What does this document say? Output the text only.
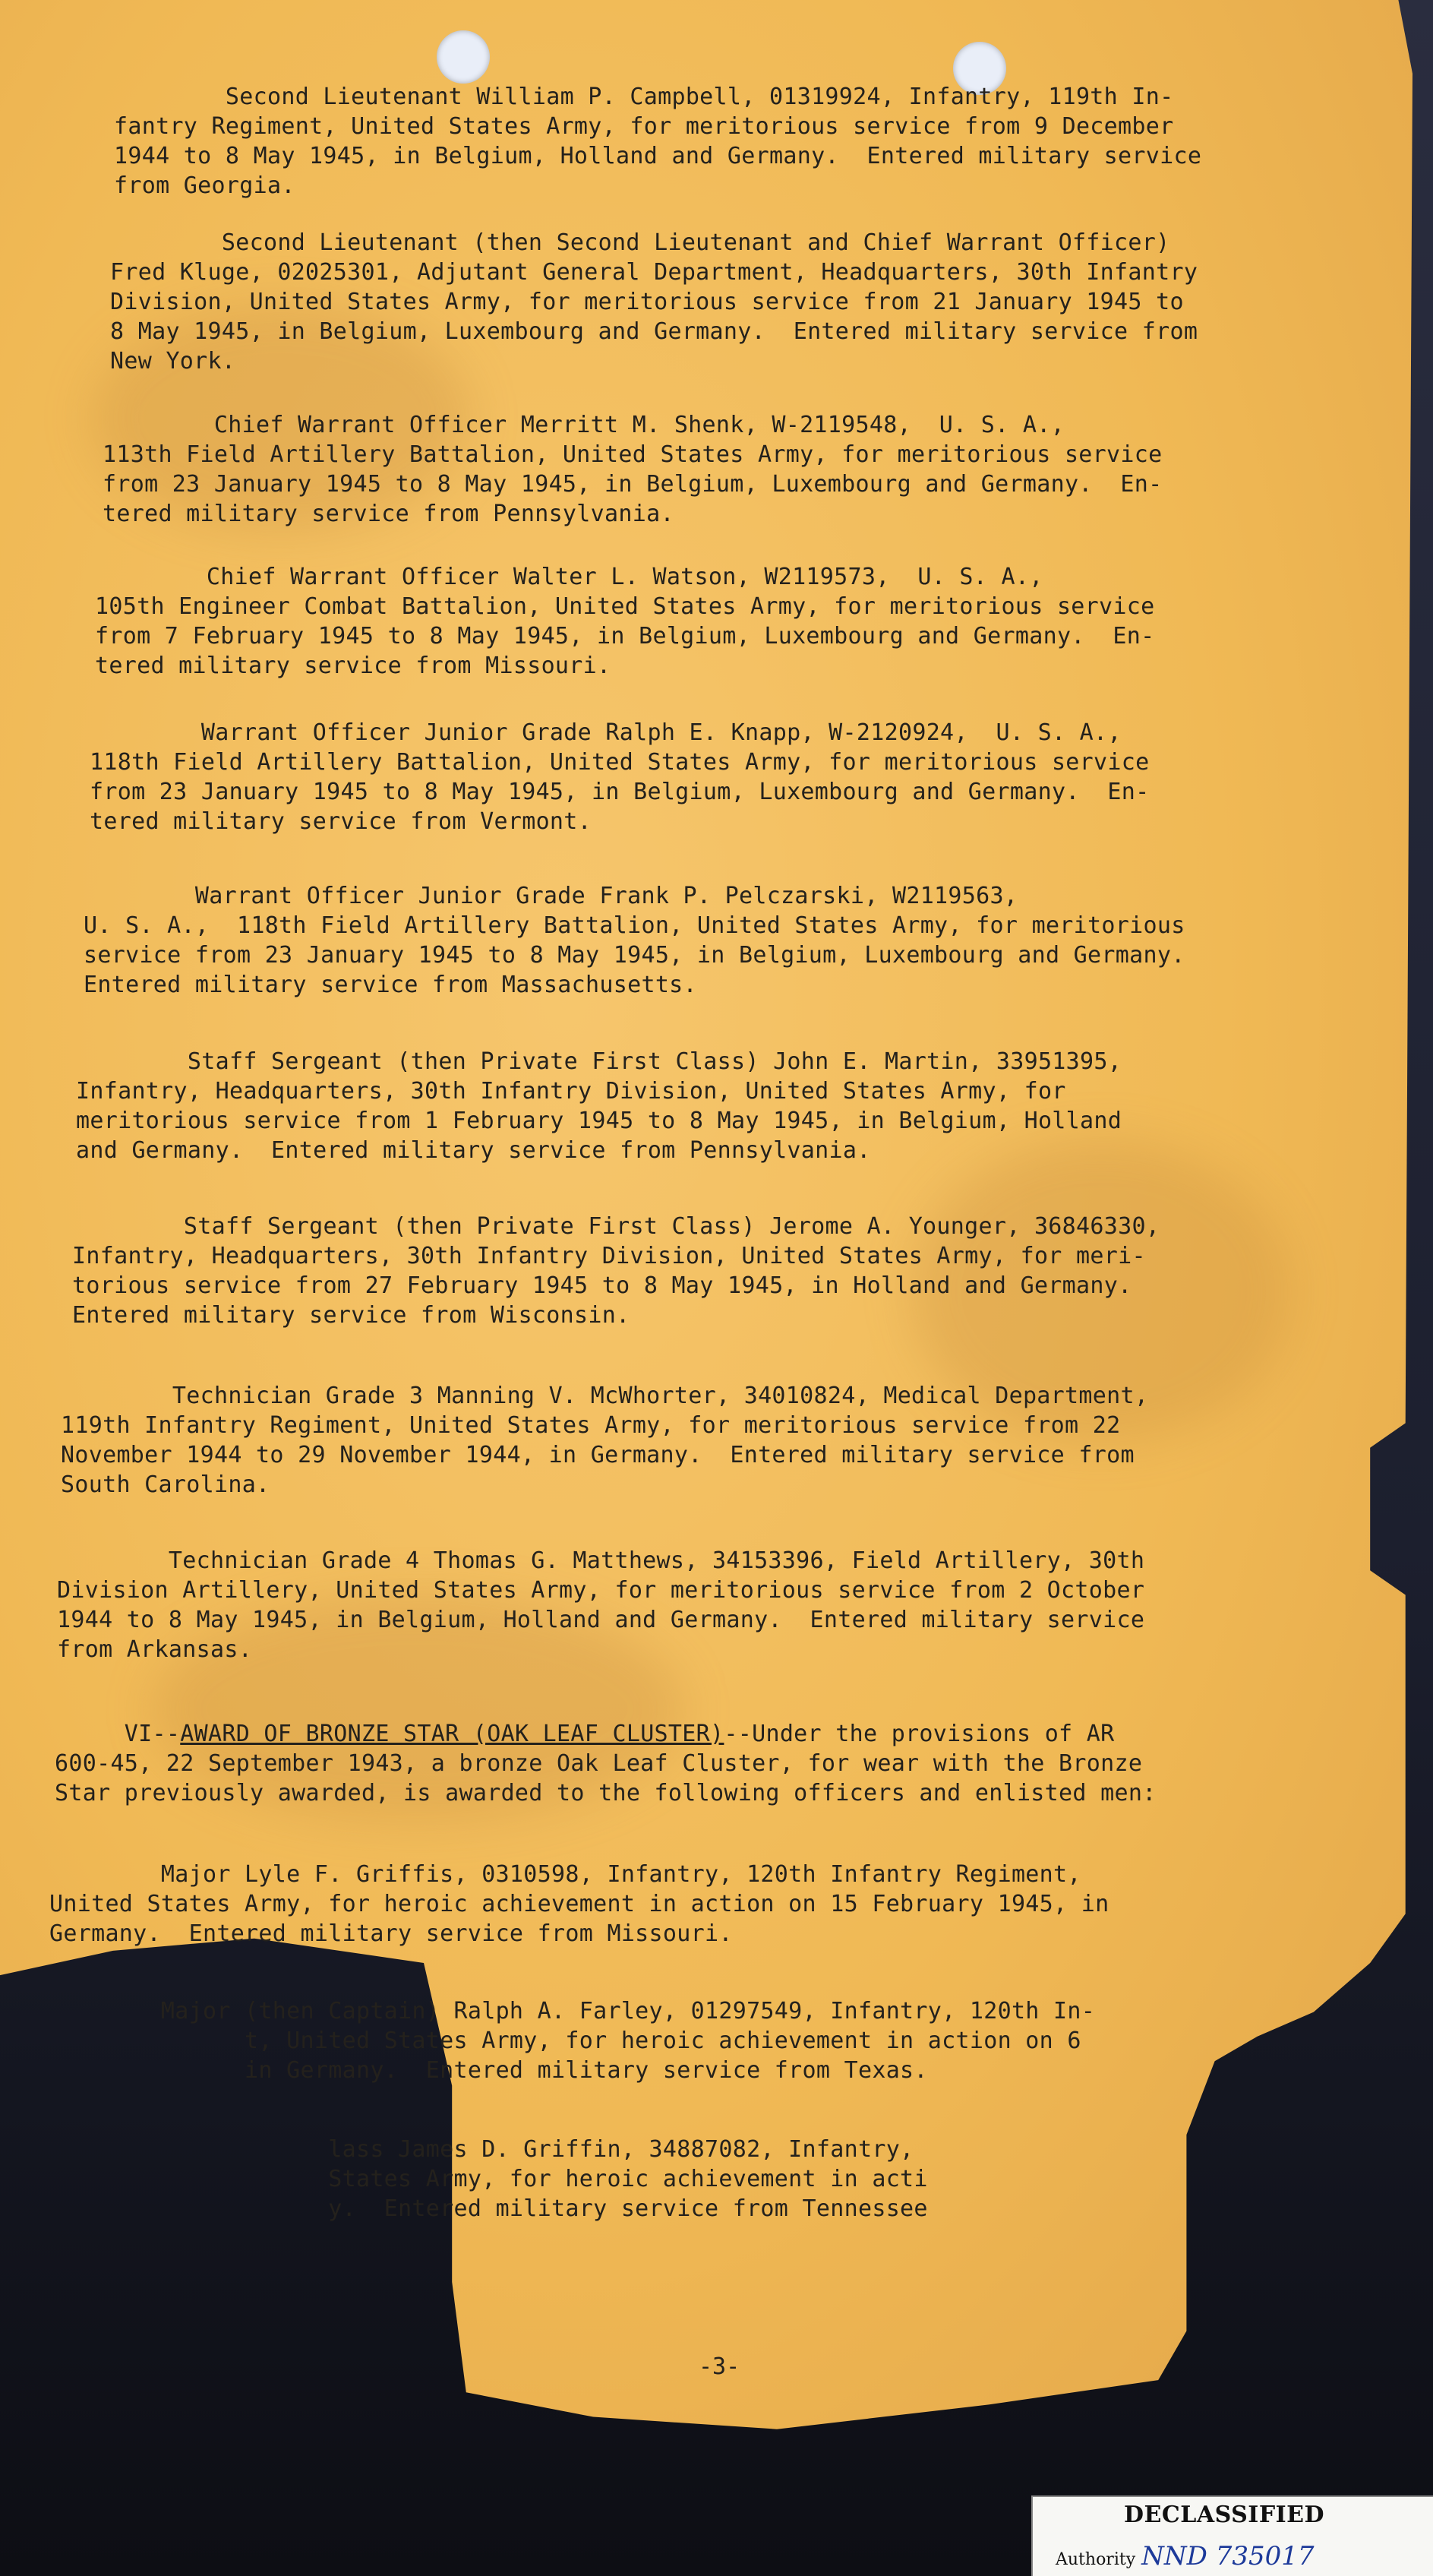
Second Lieutenant William P. Campbell, 01319924, Infantry, 119th In-
fantry Regiment, United States Army, for meritorious service from 9 December
1944 to 8 May 1945, in Belgium, Holland and Germany.  Entered military service
from Georgia.
Second Lieutenant (then Second Lieutenant and Chief Warrant Officer)
Fred Kluge, 02025301, Adjutant General Department, Headquarters, 30th Infantry
Division, United States Army, for meritorious service from 21 January 1945 to
8 May 1945, in Belgium, Luxembourg and Germany.  Entered military service from
New York.
Chief Warrant Officer Merritt M. Shenk, W-2119548,  U. S. A.,
113th Field Artillery Battalion, United States Army, for meritorious service
from 23 January 1945 to 8 May 1945, in Belgium, Luxembourg and Germany.  En-
tered military service from Pennsylvania.
Chief Warrant Officer Walter L. Watson, W2119573,  U. S. A.,
105th Engineer Combat Battalion, United States Army, for meritorious service
from 7 February 1945 to 8 May 1945, in Belgium, Luxembourg and Germany.  En-
tered military service from Missouri.
Warrant Officer Junior Grade Ralph E. Knapp, W-2120924,  U. S. A.,
118th Field Artillery Battalion, United States Army, for meritorious service
from 23 January 1945 to 8 May 1945, in Belgium, Luxembourg and Germany.  En-
tered military service from Vermont.
Warrant Officer Junior Grade Frank P. Pelczarski, W2119563,
U. S. A.,  118th Field Artillery Battalion, United States Army, for meritorious
service from 23 January 1945 to 8 May 1945, in Belgium, Luxembourg and Germany.
Entered military service from Massachusetts.
Staff Sergeant (then Private First Class) John E. Martin, 33951395,
Infantry, Headquarters, 30th Infantry Division, United States Army, for
meritorious service from 1 February 1945 to 8 May 1945, in Belgium, Holland
and Germany.  Entered military service from Pennsylvania.
Staff Sergeant (then Private First Class) Jerome A. Younger, 36846330,
Infantry, Headquarters, 30th Infantry Division, United States Army, for meri-
torious service from 27 February 1945 to 8 May 1945, in Holland and Germany.
Entered military service from Wisconsin.
Technician Grade 3 Manning V. McWhorter, 34010824, Medical Department,
119th Infantry Regiment, United States Army, for meritorious service from 22
November 1944 to 29 November 1944, in Germany.  Entered military service from
South Carolina.
Technician Grade 4 Thomas G. Matthews, 34153396, Field Artillery, 30th
Division Artillery, United States Army, for meritorious service from 2 October
1944 to 8 May 1945, in Belgium, Holland and Germany.  Entered military service
from Arkansas.
VI--AWARD OF BRONZE STAR (OAK LEAF CLUSTER)--Under the provisions of AR
600-45, 22 September 1943, a bronze Oak Leaf Cluster, for wear with the Bronze
Star previously awarded, is awarded to the following officers and enlisted men:
Major Lyle F. Griffis, 0310598, Infantry, 120th Infantry Regiment,
United States Army, for heroic achievement in action on 15 February 1945, in
Germany.  Entered military service from Missouri.
Major (then Captain) Ralph A. Farley, 01297549, Infantry, 120th In-
t, United States Army, for heroic achievement in action on 6
in Germany.  Entered military service from Texas.
lass James D. Griffin, 34887082, Infantry,
States Army, for heroic achievement in acti
y.  Entered military service from Tennessee
-3-
DECLASSIFIED
Authority NND 735017
